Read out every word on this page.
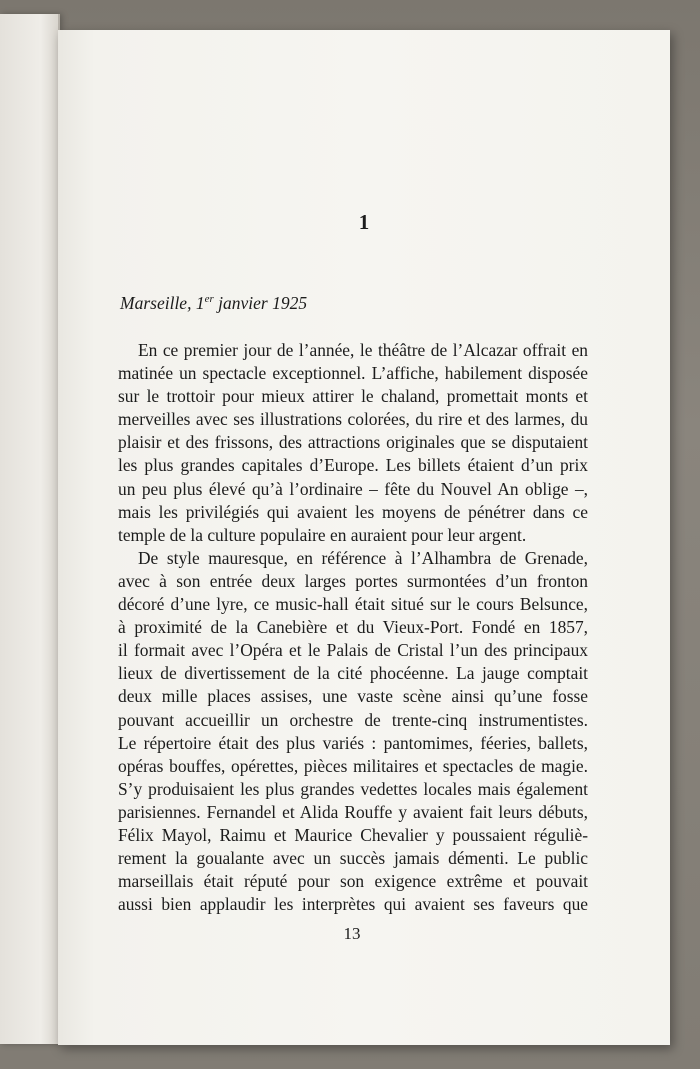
1
Marseille, 1er janvier 1925
En ce premier jour de l’année, le théâtre de l’Alcazar offrait en
matinée un spectacle exceptionnel. L’affiche, habilement disposée
sur le trottoir pour mieux attirer le chaland, promettait monts et
merveilles avec ses illustrations colorées, du rire et des larmes, du
plaisir et des frissons, des attractions originales que se disputaient
les plus grandes capitales d’Europe. Les billets étaient d’un prix
un peu plus élevé qu’à l’ordinaire – fête du Nouvel An oblige –,
mais les privilégiés qui avaient les moyens de pénétrer dans ce
temple de la culture populaire en auraient pour leur argent.
De style mauresque, en référence à l’Alhambra de Grenade,
avec à son entrée deux larges portes surmontées d’un fronton
décoré d’une lyre, ce music-hall était situé sur le cours Belsunce,
à proximité de la Canebière et du Vieux-Port. Fondé en 1857,
il formait avec l’Opéra et le Palais de Cristal l’un des principaux
lieux de divertissement de la cité phocéenne. La jauge comptait
deux mille places assises, une vaste scène ainsi qu’une fosse
pouvant accueillir un orchestre de trente-cinq instrumentistes.
Le répertoire était des plus variés : pantomimes, féeries, ballets,
opéras bouffes, opérettes, pièces militaires et spectacles de magie.
S’y produisaient les plus grandes vedettes locales mais également
parisiennes. Fernandel et Alida Rouffe y avaient fait leurs débuts,
Félix Mayol, Raimu et Maurice Chevalier y poussaient réguliè-
rement la goualante avec un succès jamais démenti. Le public
marseillais était réputé pour son exigence extrême et pouvait
aussi bien applaudir les interprètes qui avaient ses faveurs que
13
